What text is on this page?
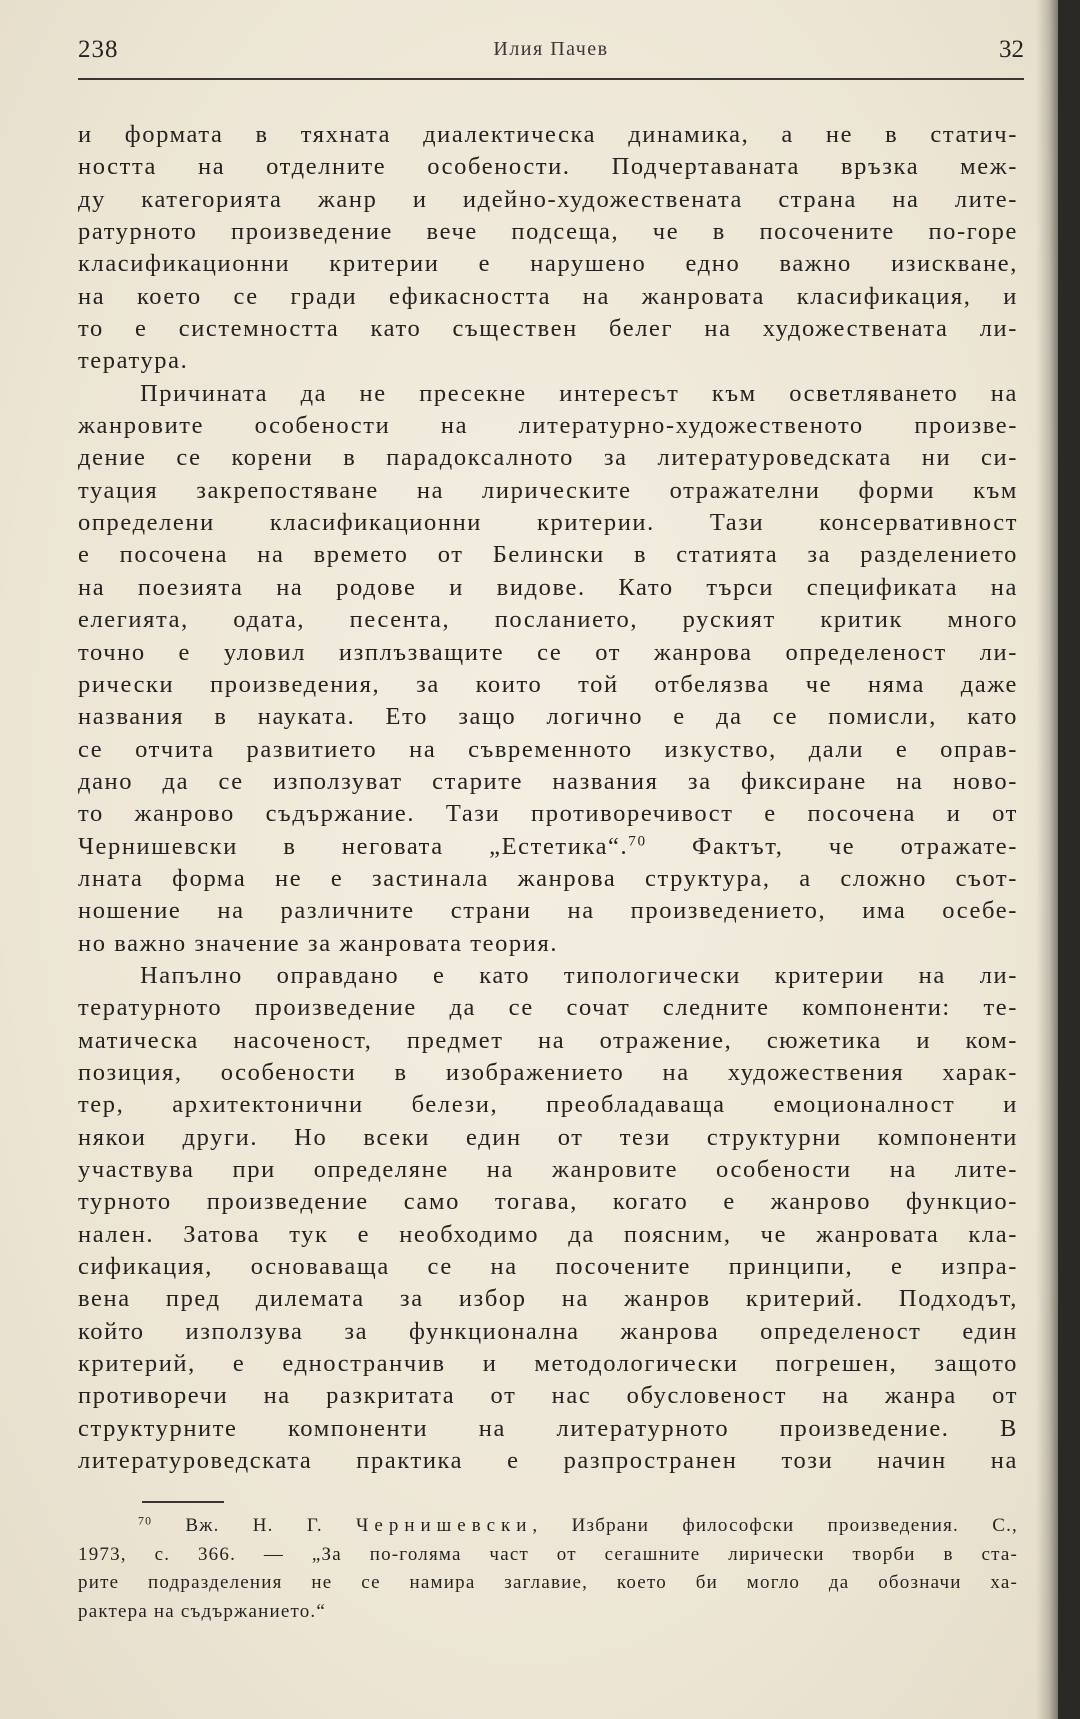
238	Илия Пачев	32
и формата в тяхната диалектическа динамика, а не в статич-
ността на отделните особености. Подчертаваната връзка меж-
ду категорията жанр и идейно-художествената страна на лите-
ратурното произведение вече подсеща, че в посочените по-горе
класификационни критерии е нарушено едно важно изискване,
на което се гради ефикасността на жанровата класификация, и
то е системността като съществен белег на художествената ли-
тература.
Причината да не пресекне интересът към осветляването на
жанровите особености на литературно-художественото произве-
дение се корени в парадоксалното за литературоведската ни си-
туация закрепостяване на лирическите отражателни форми към
определени класификационни критерии. Тази консервативност
е посочена на времето от Белински в статията за разделението
на поезията на родове и видове. Като търси спецификата на
елегията, одата, песента, посланието, руският критик много
точно е уловил изплъзващите се от жанрова определеност ли-
рически произведения, за които той отбелязва че няма даже
названия в науката. Ето защо логично е да се помисли, като
се отчита развитието на съвременното изкуство, дали е оправ-
дано да се използуват старите названия за фиксиране на ново-
то жанрово съдържание. Тази противоречивост е посочена и от
Чернишевски в неговата „Естетика“.$^{70}$ Фактът, че отражате-
лната форма не е застинала жанрова структура, а сложно съот-
ношение на различните страни на произведението, има осебе-
но важно значение за жанровата теория.
Напълно оправдано е като типологически критерии на ли-
тературното произведение да се сочат следните компоненти: те-
матическа насоченост, предмет на отражение, сюжетика и ком-
позиция, особености в изображението на художествения харак-
тер, архитектонични белези, преобладаваща емоционалност и
някои други. Но всеки един от тези структурни компоненти
участвува при определяне на жанровите особености на лите-
турното произведение само тогава, когато е жанрово функцио-
нален. Затова тук е необходимо да поясним, че жанровата кла-
сификация, основаваща се на посочените принципи, е изпра-
вена пред дилемата за избор на жанров критерий. Подходът,
който използува за функционална жанрова определеност един
критерий, е едностранчив и методологически погрешен, защото
противоречи на разкритата от нас обусловеност на жанра от
структурните компоненти на литературното произведение. В
литературоведската практика е разпространен този начин на
$^{70}$ Вж. Н. Г. Чернишевски, Избрани философски произведения. С.,
1973, с. 366. — „За по-голяма част от сегашните лирически творби в ста-
рите подразделения не се намира заглавие, което би могло да обозначи ха-
рактера на съдържанието.“
